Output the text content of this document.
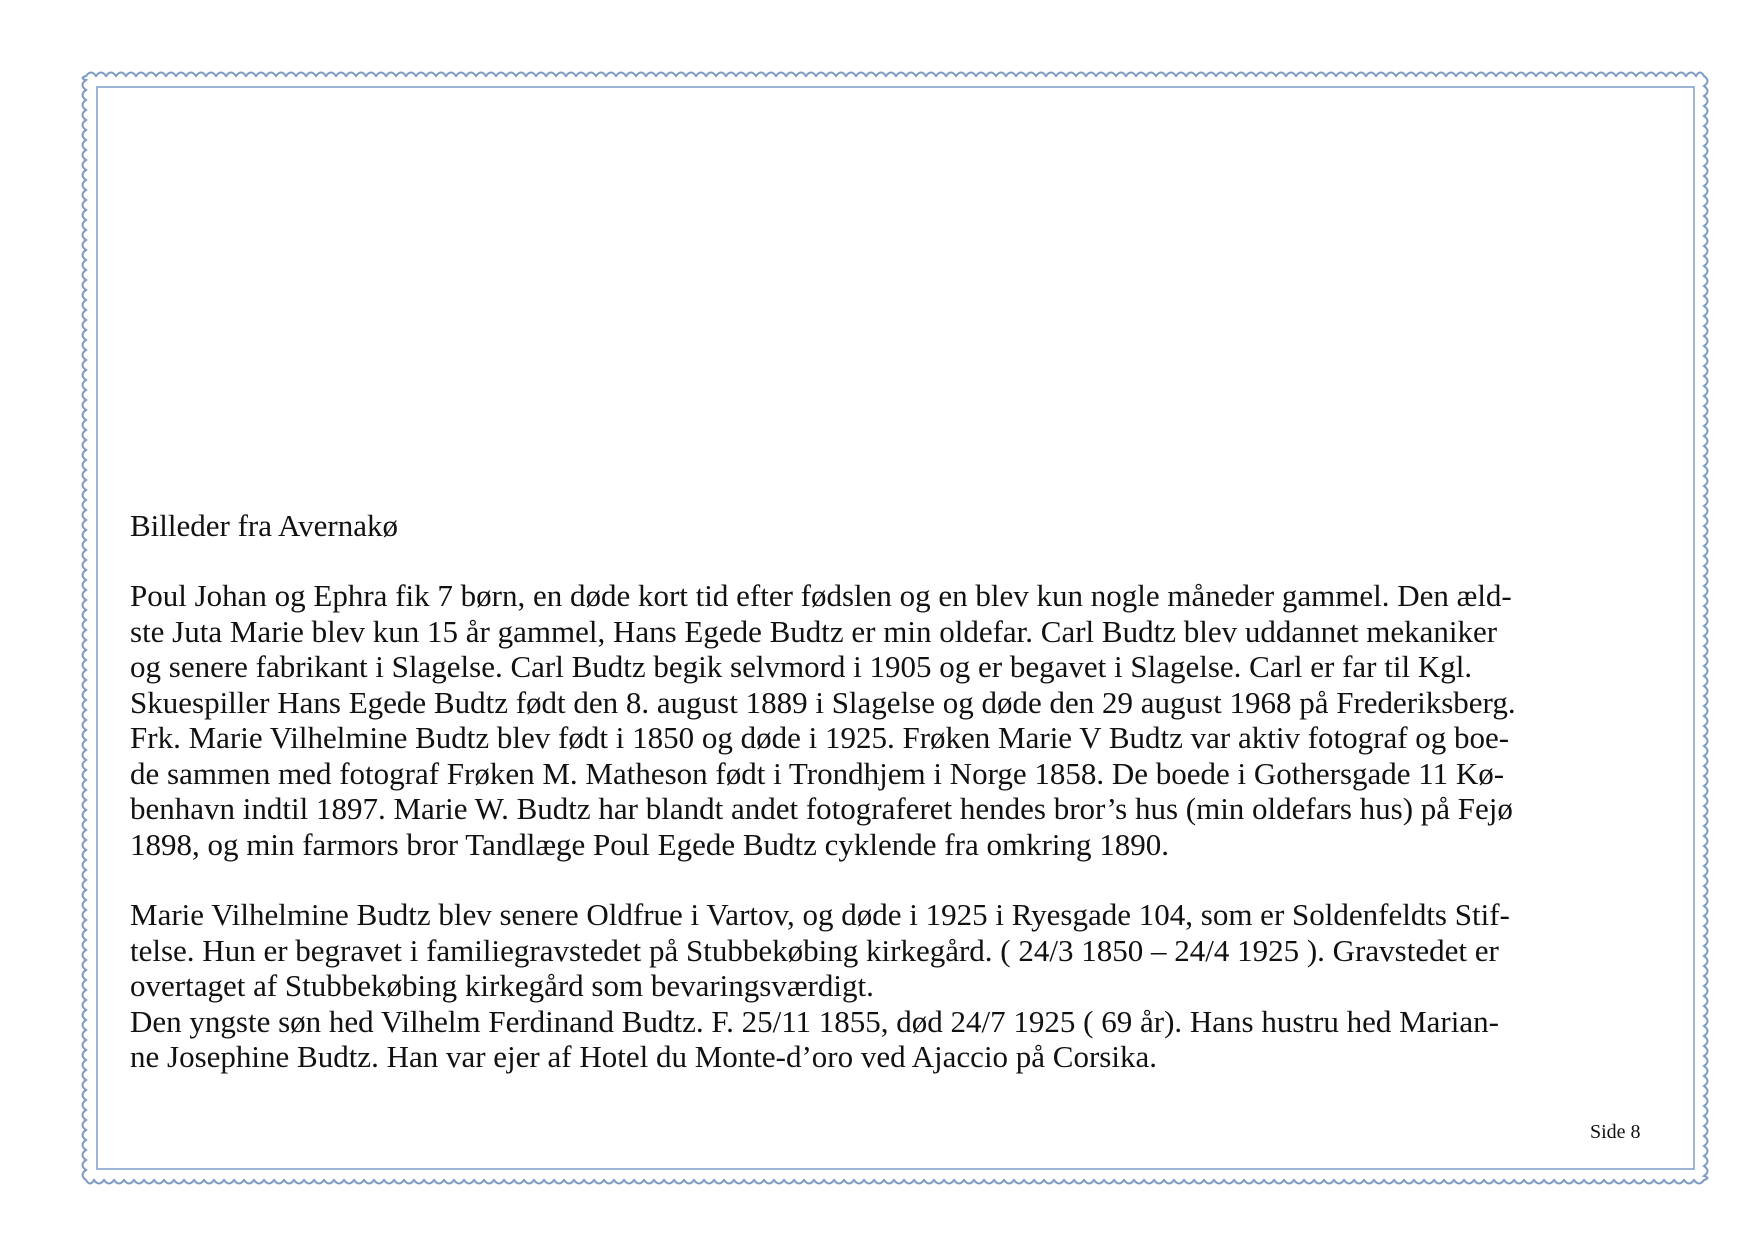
Billeder fra Avernakø

Poul Johan og Ephra fik 7 børn, en døde kort tid efter fødslen og en blev kun nogle måneder gammel. Den æld-
ste Juta Marie blev kun 15 år gammel, Hans Egede Budtz er min oldefar. Carl Budtz blev uddannet mekaniker
og senere fabrikant i Slagelse. Carl Budtz begik selvmord i 1905 og er begavet i Slagelse. Carl er far til Kgl.
Skuespiller Hans Egede Budtz født den 8. august 1889 i Slagelse og døde den 29 august 1968 på Frederiksberg.
Frk. Marie Vilhelmine Budtz blev født i 1850 og døde i 1925. Frøken Marie V Budtz var aktiv fotograf og boe-
de sammen med fotograf Frøken M. Matheson født i Trondhjem i Norge 1858. De boede i Gothersgade 11 Kø-
benhavn indtil 1897. Marie W. Budtz har blandt andet fotograferet hendes bror’s hus (min oldefars hus) på Fejø
1898, og min farmors bror Tandlæge Poul Egede Budtz cyklende fra omkring 1890.

Marie Vilhelmine Budtz blev senere Oldfrue i Vartov, og døde i 1925 i Ryesgade 104, som er Soldenfeldts Stif-
telse. Hun er begravet i familiegravstedet på Stubbekøbing kirkegård. ( 24/3 1850 – 24/4 1925 ). Gravstedet er
overtaget af Stubbekøbing kirkegård som bevaringsværdigt.
Den yngste søn hed Vilhelm Ferdinand Budtz. F. 25/11 1855, død 24/7 1925 ( 69 år). Hans hustru hed Marian-
ne Josephine Budtz. Han var ejer af Hotel du Monte-d’oro ved Ajaccio på Corsika.

Side 8
